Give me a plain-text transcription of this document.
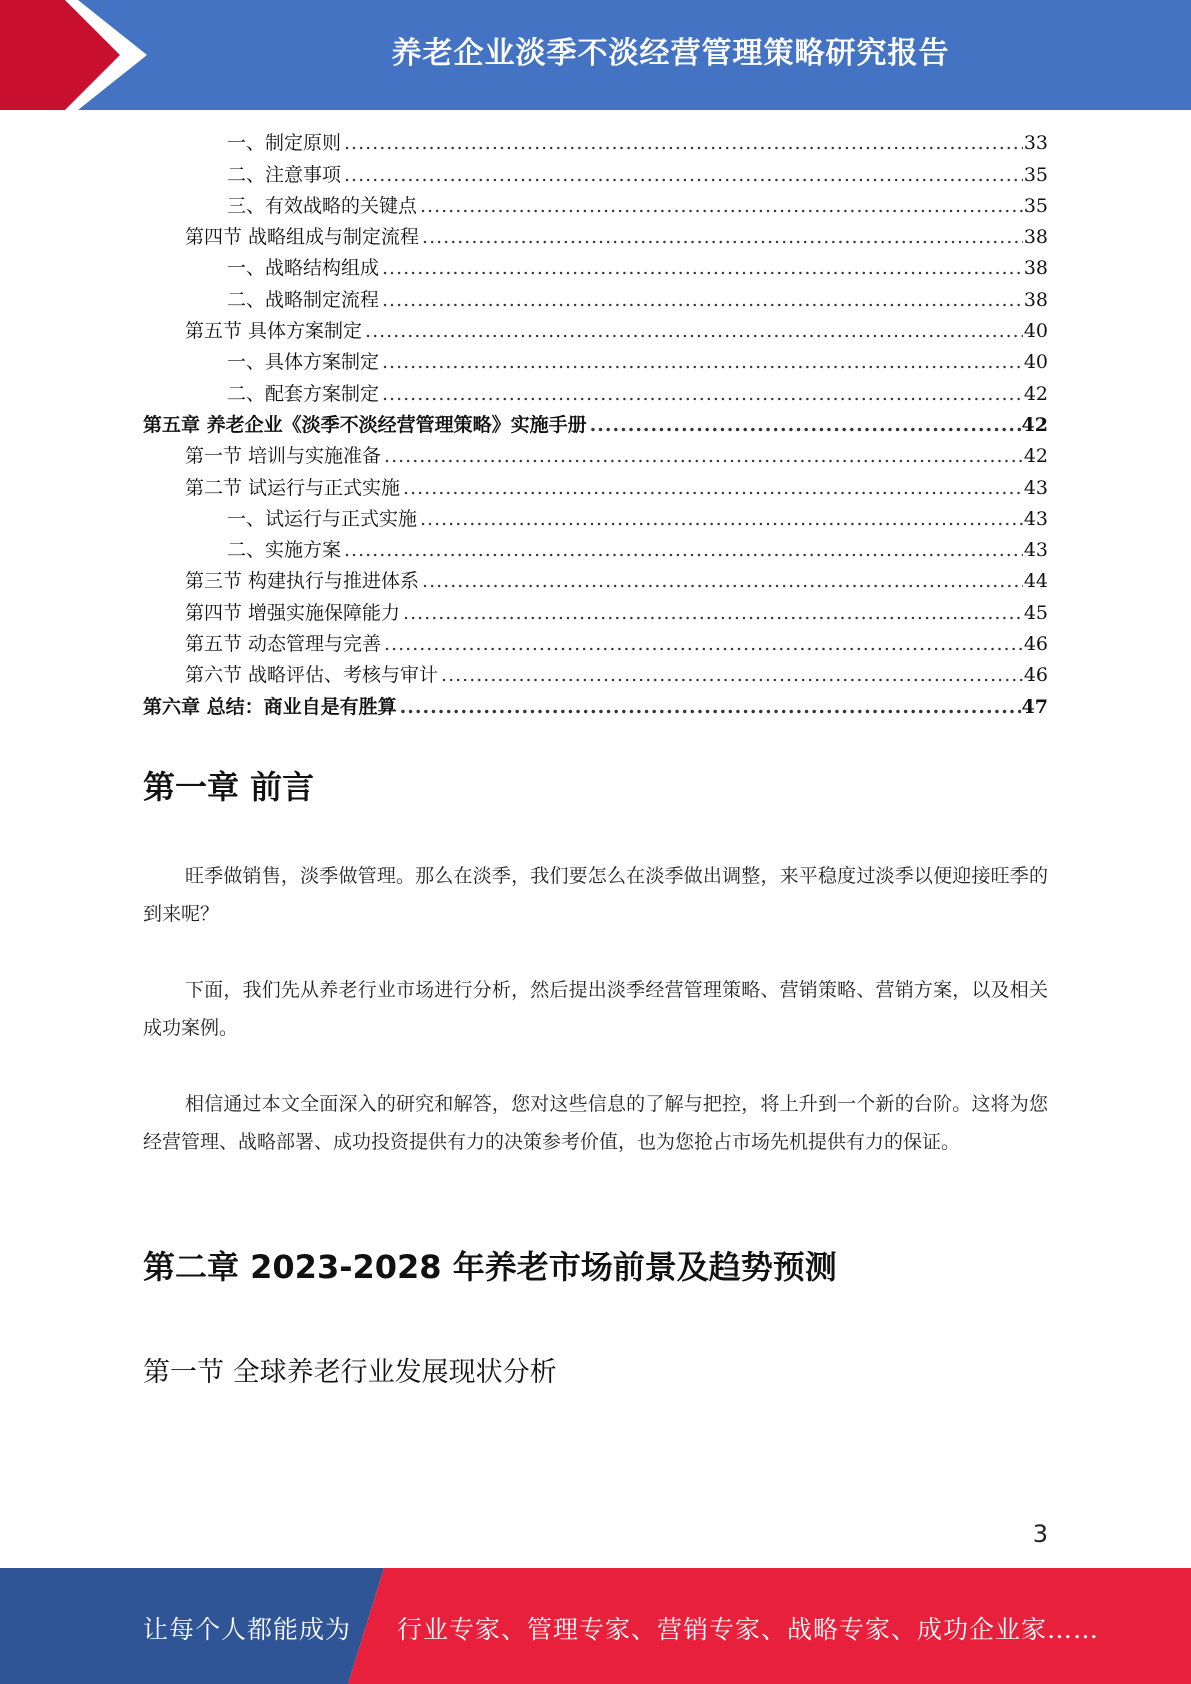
养老企业淡季不淡经营管理策略研究报告
一、制定原则 .....	33
二、注意事项 .....	35
三、有效战略的关键点 .....	35
第四节 战略组成与制定流程 .....	38
一、战略结构组成 .....	38
二、战略制定流程 .....	38
第五节 具体方案制定 .....	40
一、具体方案制定 .....	40
二、配套方案制定 .....	42
第五章 养老企业《淡季不淡经营管理策略》实施手册 .....	42
第一节 培训与实施准备 .....	42
第二节 试运行与正式实施 .....	43
一、试运行与正式实施 .....	43
二、实施方案 .....	43
第三节 构建执行与推进体系 .....	44
第四节 增强实施保障能力 .....	45
第五节 动态管理与完善 .....	46
第六节 战略评估、考核与审计 .....	46
第六章 总结：商业自是有胜算 .....	47
第一章 前言

旺季做销售，淡季做管理。那么在淡季，我们要怎么在淡季做出调整，来平稳度过淡季以便迎接旺季的到来呢？

下面，我们先从养老行业市场进行分析，然后提出淡季经营管理策略、营销策略、营销方案，以及相关成功案例。

相信通过本文全面深入的研究和解答，您对这些信息的了解与把控，将上升到一个新的台阶。这将为您经营管理、战略部署、成功投资提供有力的决策参考价值，也为您抢占市场先机提供有力的保证。

第二章 2023-2028 年养老市场前景及趋势预测
第一节 全球养老行业发展现状分析
3
让每个人都能成为 行业专家、管理专家、营销专家、战略专家、成功企业家……
